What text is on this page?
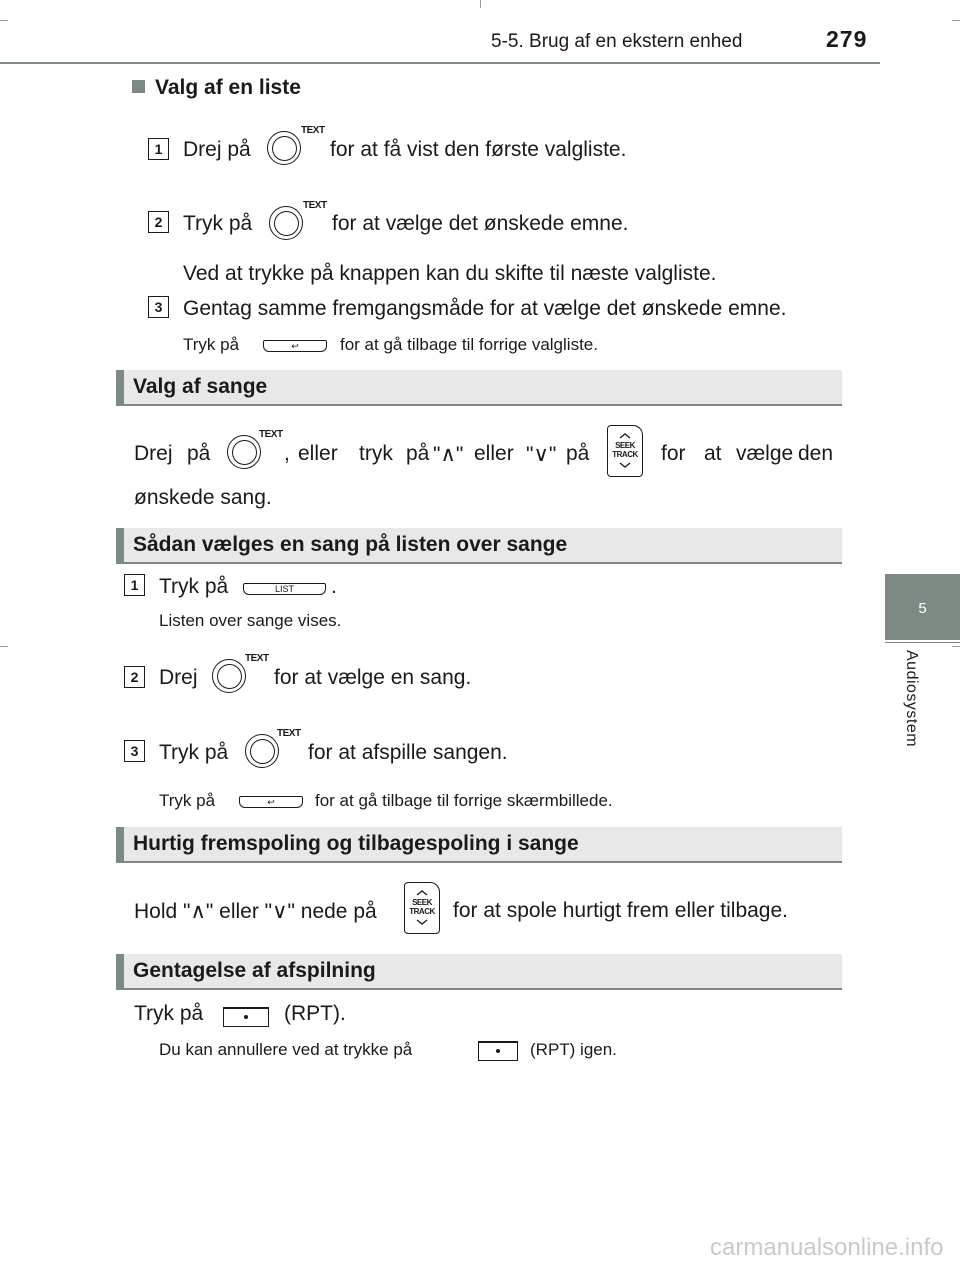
5-5. Brug af en ekstern enhed	279
5
Audiosystem
Valg af en liste
1 Drej på
TEXT
for at få vist den første valgliste.
2 Tryk på
TEXT
for at vælge det ønskede emne.
Ved at trykke på knappen kan du skifte til næste valgliste.
3 Gentag samme fremgangsmåde for at vælge det ønskede emne.
Tryk på	↩	for at gå tilbage til forrige valgliste.
Valg af sange
Drej på
TEXT
, eller tryk på "∧" eller "∨" på	SEEK
TRACK for at vælge den
ønskede sang.
Sådan vælges en sang på listen over sange
1 Tryk på	LIST	.
Listen over sange vises.
2 Drej
TEXT
for at vælge en sang.
3 Tryk på
TEXT
for at afspille sangen.
Tryk på	↩	for at gå tilbage til forrige skærmbillede.
Hurtig fremspoling og tilbagespoling i sange
Hold "∧" eller "∨" nede på	SEEK
TRACK for at spole hurtigt frem eller tilbage.
Gentagelse af afspilning
Tryk på	(RPT).
Du kan annullere ved at trykke på	(RPT) igen.
carmanualsonline.info
